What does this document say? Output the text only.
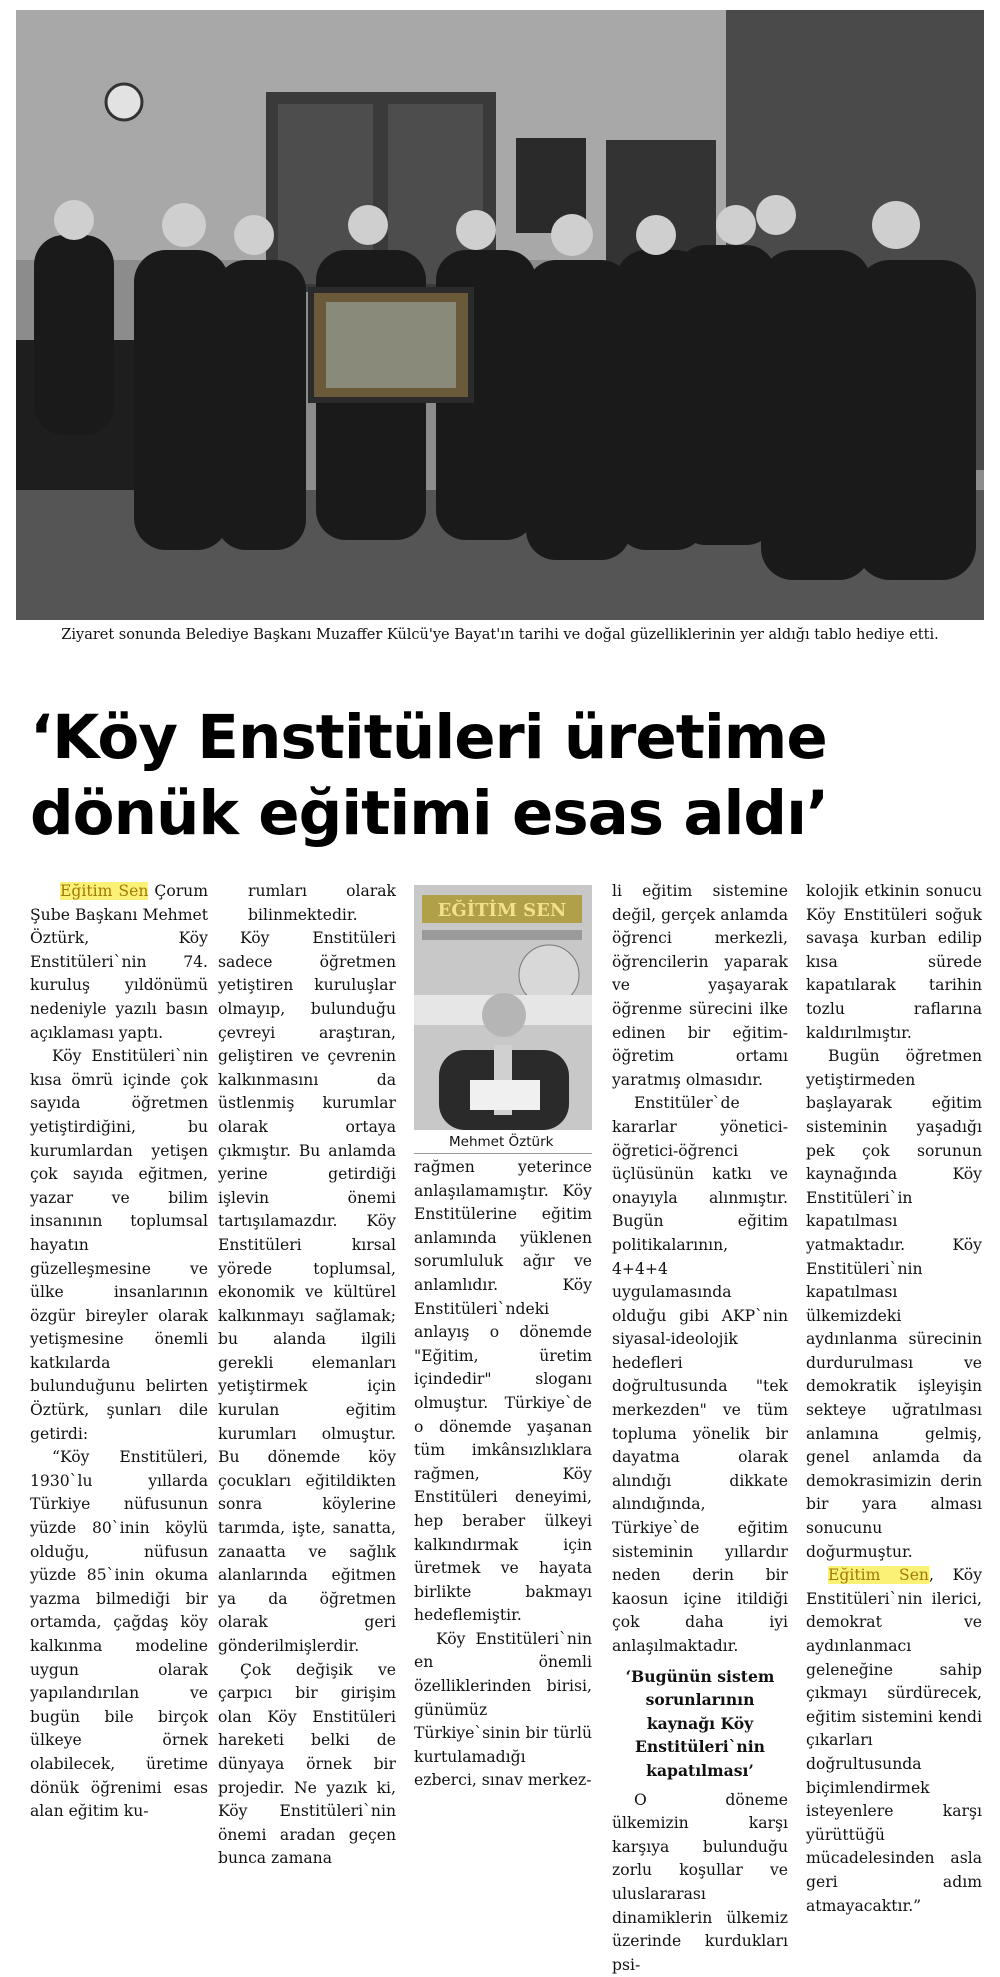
Ziyaret sonunda Belediye Başkanı Muzaffer Külcü'ye Bayat'ın tarihi ve doğal güzelliklerinin yer aldığı tablo hediye etti.
‘Köy Enstitüleri üretime
dönük eğitimi esas aldı’

Eğitim Sen Çorum Şube Başkanı Mehmet Öztürk, Köy Enstitüleri`nin 74. kuruluş yıldönümü nedeniyle yazılı basın açıklaması yaptı.

Köy Enstitüleri`nin kısa ömrü içinde çok sayıda öğretmen yetiştirdiğini, bu kurumlardan yetişen çok sayıda eğitmen, yazar ve bilim insanının toplumsal hayatın güzelleşmesine ve ülke insanlarının özgür bireyler olarak yetişmesine önemli katkılarda bulunduğunu belirten Öztürk, şunları dile getirdi:

“Köy Enstitüleri, 1930`lu yıllarda Türkiye nüfusunun yüzde 80`inin köylü olduğu, nüfusun yüzde 85`inin okuma yazma bilmediği bir ortamda, çağdaş köy kalkınma modeline uygun olarak yapılandırılan ve bugün bile birçok ülkeye örnek olabilecek, üretime dönük öğrenimi esas alan eğitim ku-

rumları olarak bilinmektedir.

Köy Enstitüleri sadece öğretmen yetiştiren kuruluşlar olmayıp, bulunduğu çevreyi araştıran, geliştiren ve çevrenin kalkınmasını da üstlenmiş kurumlar olarak ortaya çıkmıştır. Bu anlamda yerine getirdiği işlevin önemi tartışılamazdır. Köy Enstitüleri kırsal yörede toplumsal, ekonomik ve kültürel kalkınmayı sağlamak; bu alanda ilgili gerekli elemanları yetiştirmek için kurulan eğitim kurumları olmuştur. Bu dönemde köy çocukları eğitildikten sonra köylerine tarımda, işte, sanatta, zanaatta ve sağlık alanlarında eğitmen ya da öğretmen olarak geri gönderilmişlerdir.

Çok değişik ve çarpıcı bir girişim olan Köy Enstitüleri hareketi belki de dünyaya örnek bir projedir. Ne yazık ki, Köy Enstitüleri`nin önemi aradan geçen bunca zamana

EĞİTİM SEN
Mehmet Öztürk

rağmen yeterince anlaşılamamıştır. Köy Enstitülerine eğitim anlamında yüklenen sorumluluk ağır ve anlamlıdır. Köy Enstitüleri`ndeki anlayış o dönemde "Eğitim, üretim içindedir" sloganı olmuştur. Türkiye`de o dönemde yaşanan tüm imkânsızlıklara rağmen, Köy Enstitüleri deneyimi, hep beraber ülkeyi kalkındırmak için üretmek ve hayata birlikte bakmayı hedeflemiştir.

Köy Enstitüleri`nin en önemli özelliklerinden birisi, günümüz Türkiye`sinin bir türlü kurtulamadığı ezberci, sınav merkez-

li eğitim sistemine değil, gerçek anlamda öğrenci merkezli, öğrencilerin yaparak ve yaşayarak öğrenme sürecini ilke edinen bir eğitim-öğretim ortamı yaratmış olmasıdır.

Enstitüler`de kararlar yönetici-öğretici-öğrenci üçlüsünün katkı ve onayıyla alınmıştır. Bugün eğitim politikalarının, 4+4+4 uygulamasında olduğu gibi AKP`nin siyasal-ideolojik hedefleri doğrultusunda "tek merkezden" ve tüm topluma yönelik bir dayatma olarak alındığı dikkate alındığında, Türkiye`de eğitim sisteminin yıllardır neden derin bir kaosun içine itildiği çok daha iyi anlaşılmaktadır.

‘Bugünün sistem sorunlarının kaynağı Köy Enstitüleri`nin kapatılması’

O döneme ülkemizin karşı karşıya bulunduğu zorlu koşullar ve uluslararası dinamiklerin ülkemiz üzerinde kurdukları psi-

kolojik etkinin sonucu Köy Enstitüleri soğuk savaşa kurban edilip kısa sürede kapatılarak tarihin tozlu raflarına kaldırılmıştır.

Bugün öğretmen yetiştirmeden başlayarak eğitim sisteminin yaşadığı pek çok sorunun kaynağında Köy Enstitüleri`in kapatılması yatmaktadır. Köy Enstitüleri`nin kapatılması ülkemizdeki aydınlanma sürecinin durdurulması ve demokratik işleyişin sekteye uğratılması anlamına gelmiş, genel anlamda da demokrasimizin derin bir yara alması sonucunu doğurmuştur.

Eğitim Sen, Köy Enstitüleri`nin ilerici, demokrat ve aydınlanmacı geleneğine sahip çıkmayı sürdürecek, eğitim sistemini kendi çıkarları doğrultusunda biçimlendirmek isteyenlere karşı yürüttüğü mücadelesinden asla geri adım atmayacaktır.”
